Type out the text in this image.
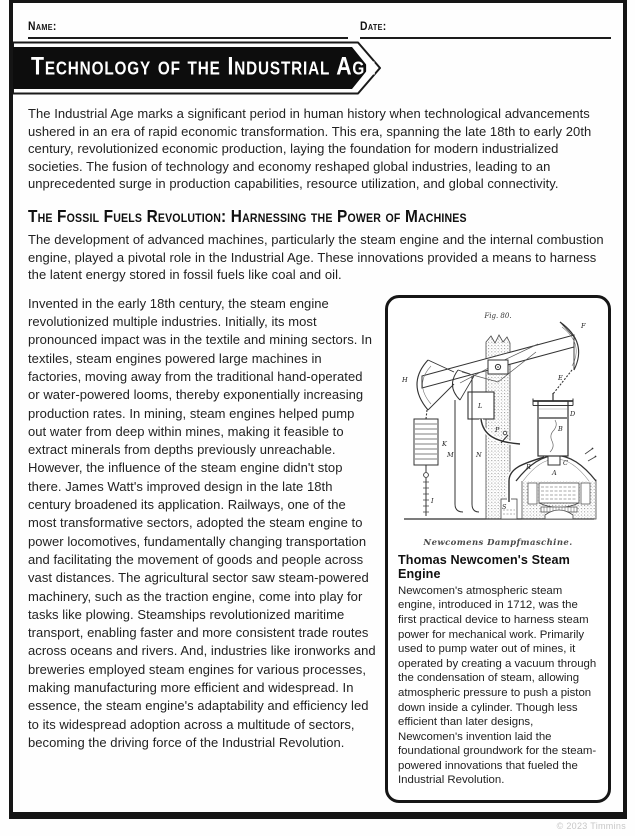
Name:	Date:
Technology of the Industrial Age

The Industrial Age marks a significant period in human history when technological advancements ushered in an era of rapid economic transformation. This era, spanning the late 18th to early 20th century, revolutionized economic production, laying the foundation for modern industrialized societies. The fusion of technology and economy reshaped global industries, leading to an unprecedented surge in production capabilities, resource utilization, and global connectivity.

The Fossil Fuels Revolution: Harnessing the Power of Machines

The development of advanced machines, particularly the steam engine and the internal combustion engine, played a pivotal role in the Industrial Age. These innovations provided a means to harness the latent energy stored in fossil fuels like coal and oil.

Invented in the early 18th century, the steam engine revolutionized multiple industries. Initially, its most pronounced impact was in the textile and mining sectors. In textiles, steam engines powered large machines in factories, moving away from the traditional hand-operated or water-powered looms, thereby exponentially increasing production rates. In mining, steam engines helped pump out water from deep within mines, making it feasible to extract minerals from depths previously unreachable. However, the influence of the steam engine didn't stop there. James Watt's improved design in the late 18th century broadened its application. Railways, one of the most transformative sectors, adopted the steam engine to power locomotives, fundamentally changing transportation and facilitating the movement of goods and people across vast distances. The agricultural sector saw steam-powered machinery, such as the traction engine, come into play for tasks like plowing. Steamships revolutionized maritime transport, enabling faster and more consistent trade routes across oceans and rivers. And, industries like ironworks and breweries employed steam engines for various processes, making manufacturing more efficient and widespread. In essence, the steam engine's adaptability and efficiency led to its widespread adoption across a multitude of sectors, becoming the driving force of the Industrial Revolution.

Fig. 80.
H
K
I
M	N
L
P
E
F
B
D
C
A
R
S
Newcomens Dampfmaschine.
Thomas Newcomen's Steam Engine
Newcomen's atmospheric steam engine, introduced in 1712, was the first practical device to harness steam power for mechanical work. Primarily used to pump water out of mines, it operated by creating a vacuum through the condensation of steam, allowing atmospheric pressure to push a piston down inside a cylinder. Though less efficient than later designs, Newcomen's invention laid the foundational groundwork for the steam-powered innovations that fueled the Industrial Revolution.
© 2023 Timmins
